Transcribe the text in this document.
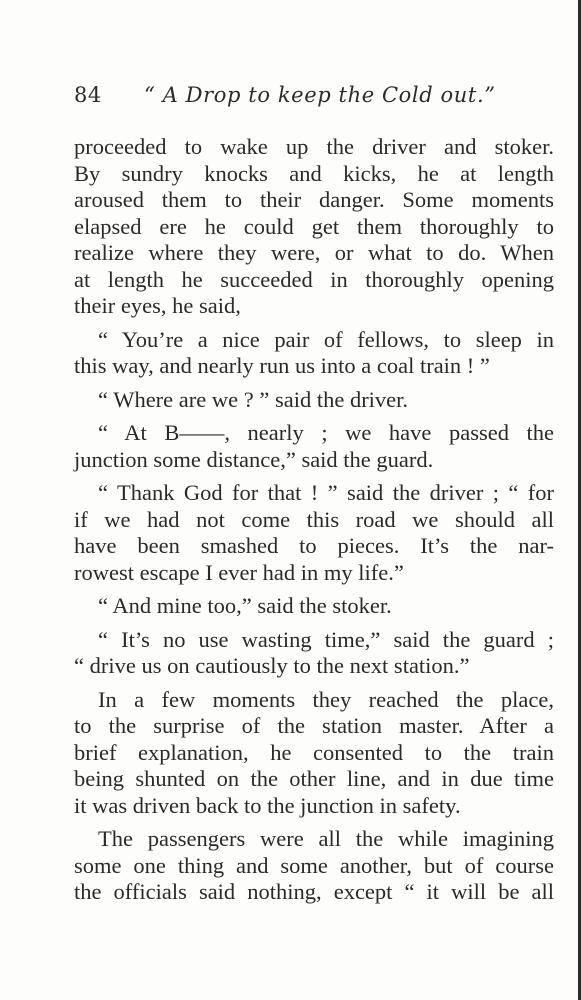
84 “ A Drop to keep the Cold out.”

proceeded to wake up the driver and stoker.
By sundry knocks and kicks, he at length
aroused them to their danger. Some moments
elapsed ere he could get them thoroughly to
realize where they were, or what to do. When
at length he succeeded in thoroughly opening
their eyes, he said,

“ You’re a nice pair of fellows, to sleep in
this way, and nearly run us into a coal train ! ”

“ Where are we ? ” said the driver.

“ At B——, nearly ; we have passed the
junction some distance,” said the guard.

“ Thank God for that ! ” said the driver ; “ for
if we had not come this road we should all
have been smashed to pieces. It’s the nar-
rowest escape I ever had in my life.”

“ And mine too,” said the stoker.

“ It’s no use wasting time,” said the guard ;
“ drive us on cautiously to the next station.”

In a few moments they reached the place,
to the surprise of the station master. After a
brief explanation, he consented to the train
being shunted on the other line, and in due time
it was driven back to the junction in safety.

The passengers were all the while imagining
some one thing and some another, but of course
the officials said nothing, except “ it will be all
